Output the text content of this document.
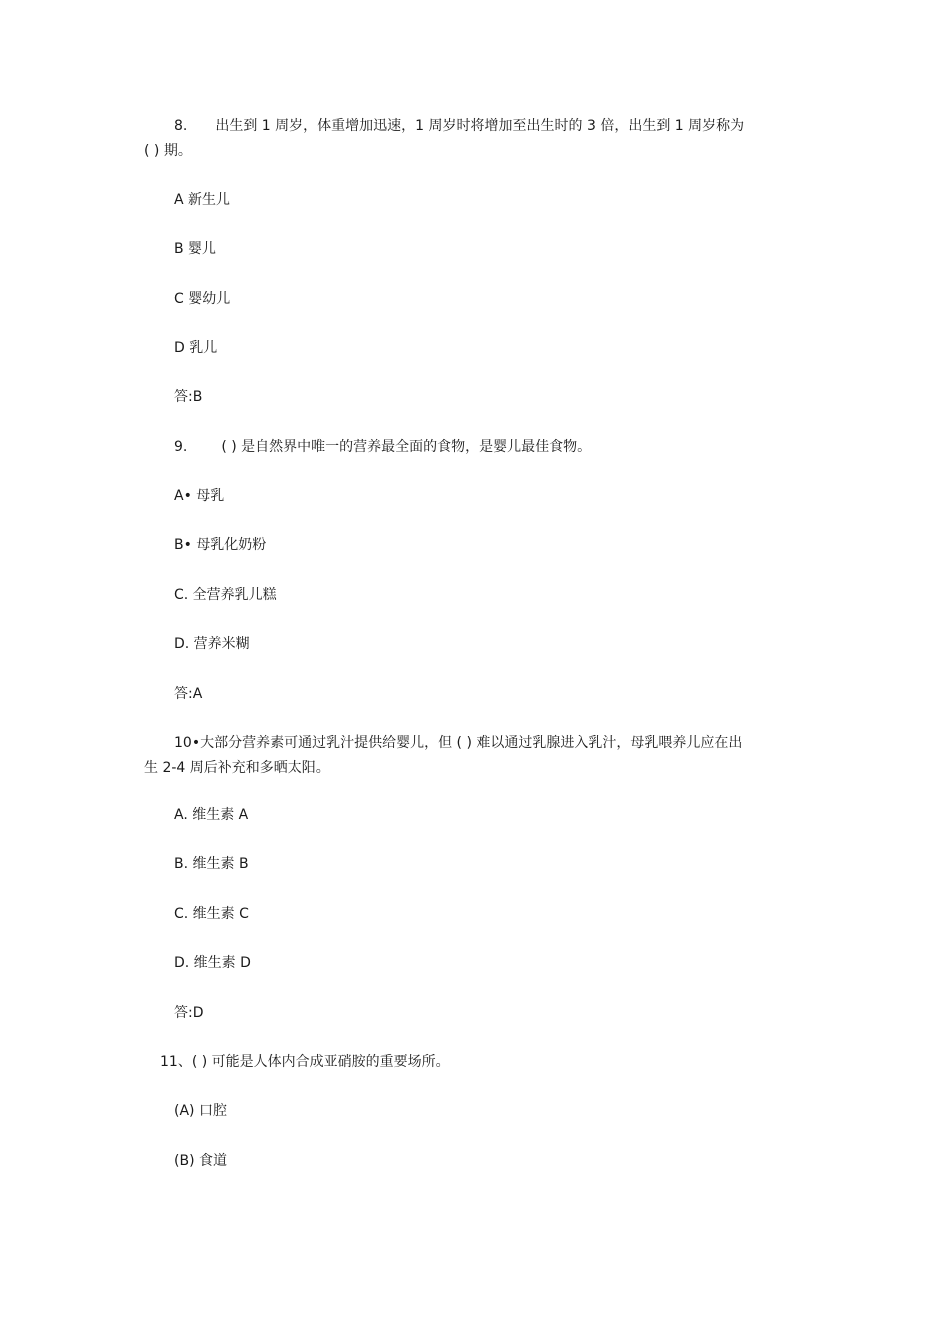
8. 出生到 1 周岁，体重增加迅速，1 周岁时将增加至出生时的 3 倍，出生到 1 周岁称为
( ) 期。
A 新生儿
B 婴儿
C 婴幼儿
D 乳儿
答:B
9. ( ) 是自然界中唯一的营养最全面的食物，是婴儿最佳食物。
A• 母乳
B• 母乳化奶粉
C. 全营养乳儿糕
D. 营养米糊
答:A
10•大部分营养素可通过乳汁提供给婴儿，但 ( ) 难以通过乳腺进入乳汁，母乳喂养儿应在出
生 2-4 周后补充和多晒太阳。
A. 维生素 A
B. 维生素 B
C. 维生素 C
D. 维生素 D
答:D
11、( ) 可能是人体内合成亚硝胺的重要场所。
(A) 口腔
(B) 食道
